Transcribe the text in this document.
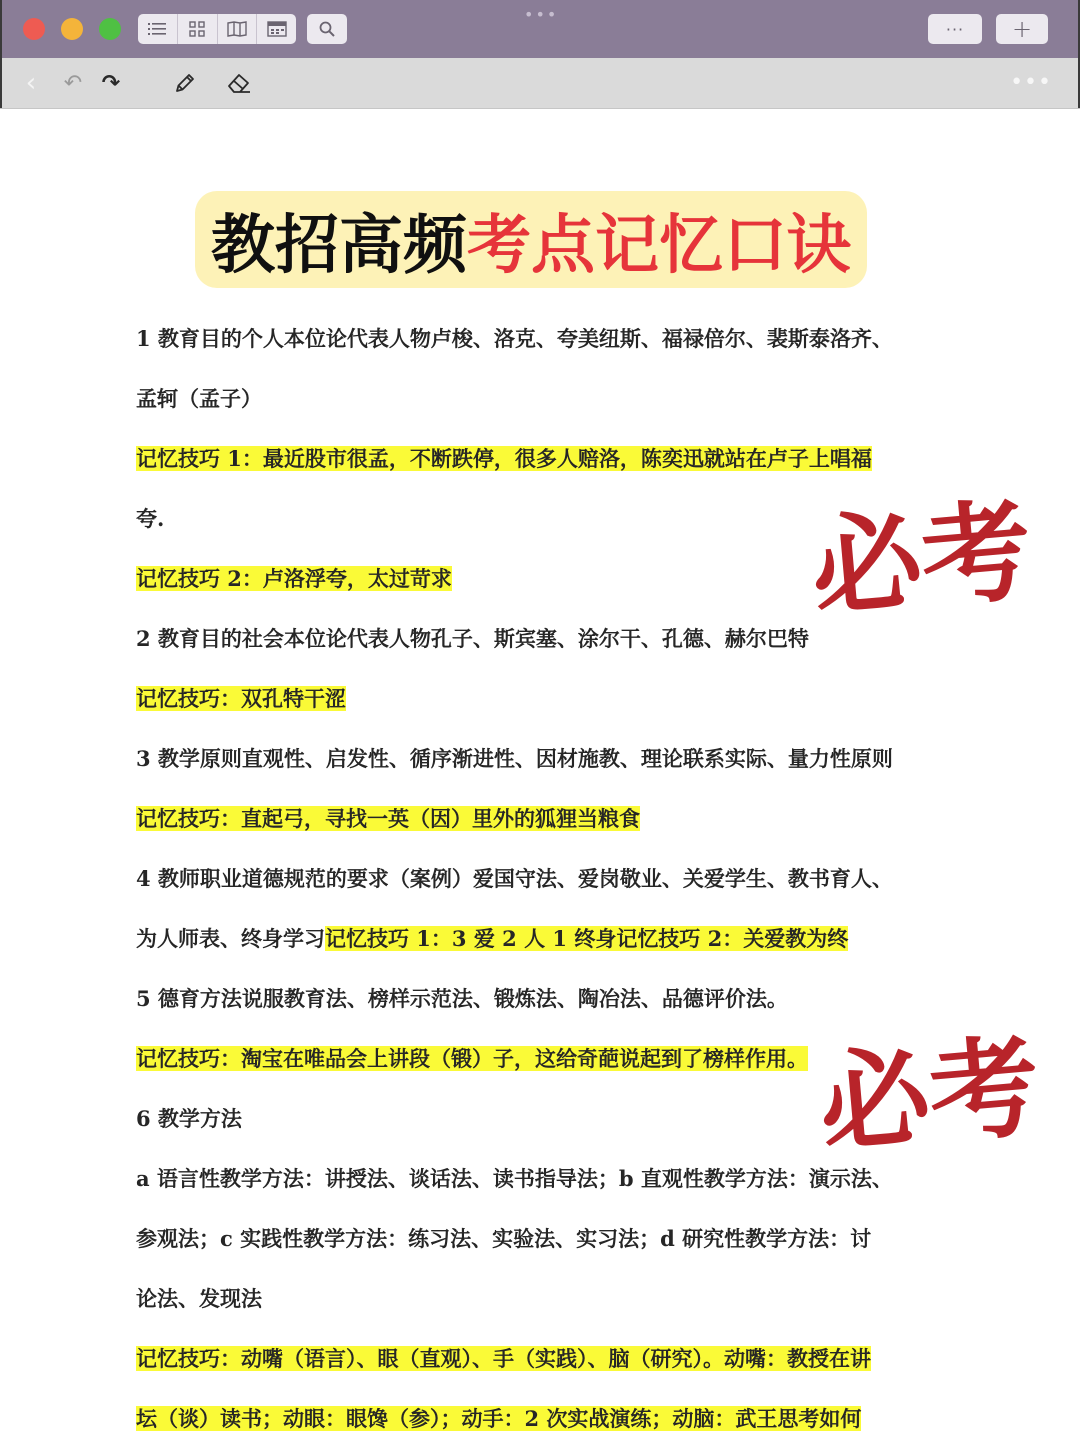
•••
···	+
‹	↶ ↷	•••
教招高频 考点记忆口诀
1 教育目的个人本位论代表人物卢梭、洛克、夸美纽斯、福禄倍尔、裴斯泰洛齐、
孟轲（孟子）
记忆技巧 1：最近股市很孟，不断跌停，很多人赔洛，陈奕迅就站在卢子上唱福
夸.
记忆技巧 2：卢洛浮夸，太过苛求
2 教育目的社会本位论代表人物孔子、斯宾塞、涂尔干、孔德、赫尔巴特
记忆技巧：双孔特干涩
3 教学原则直观性、启发性、循序渐进性、因材施教、理论联系实际、量力性原则
记忆技巧：直起弓，寻找一英（因）里外的狐狸当粮食
4 教师职业道德规范的要求（案例）爱国守法、爱岗敬业、关爱学生、教书育人、
为人师表、终身学习记忆技巧 1：3 爱 2 人 1 终身记忆技巧 2：关爱教为终
5 德育方法说服教育法、榜样示范法、锻炼法、陶冶法、品德评价法。
记忆技巧：淘宝在唯品会上讲段（锻）子，这给奇葩说起到了榜样作用。
6 教学方法
a 语言性教学方法：讲授法、谈话法、读书指导法；b 直观性教学方法：演示法、
参观法；c 实践性教学方法：练习法、实验法、实习法；d 研究性教学方法：讨
论法、发现法
记忆技巧：动嘴（语言）、眼（直观）、手（实践）、脑（研究）。动嘴：教授在讲
坛（谈）读书；动眼：眼馋（参）；动手：2 次实战演练；动脑：武王思考如何
必考
必考
